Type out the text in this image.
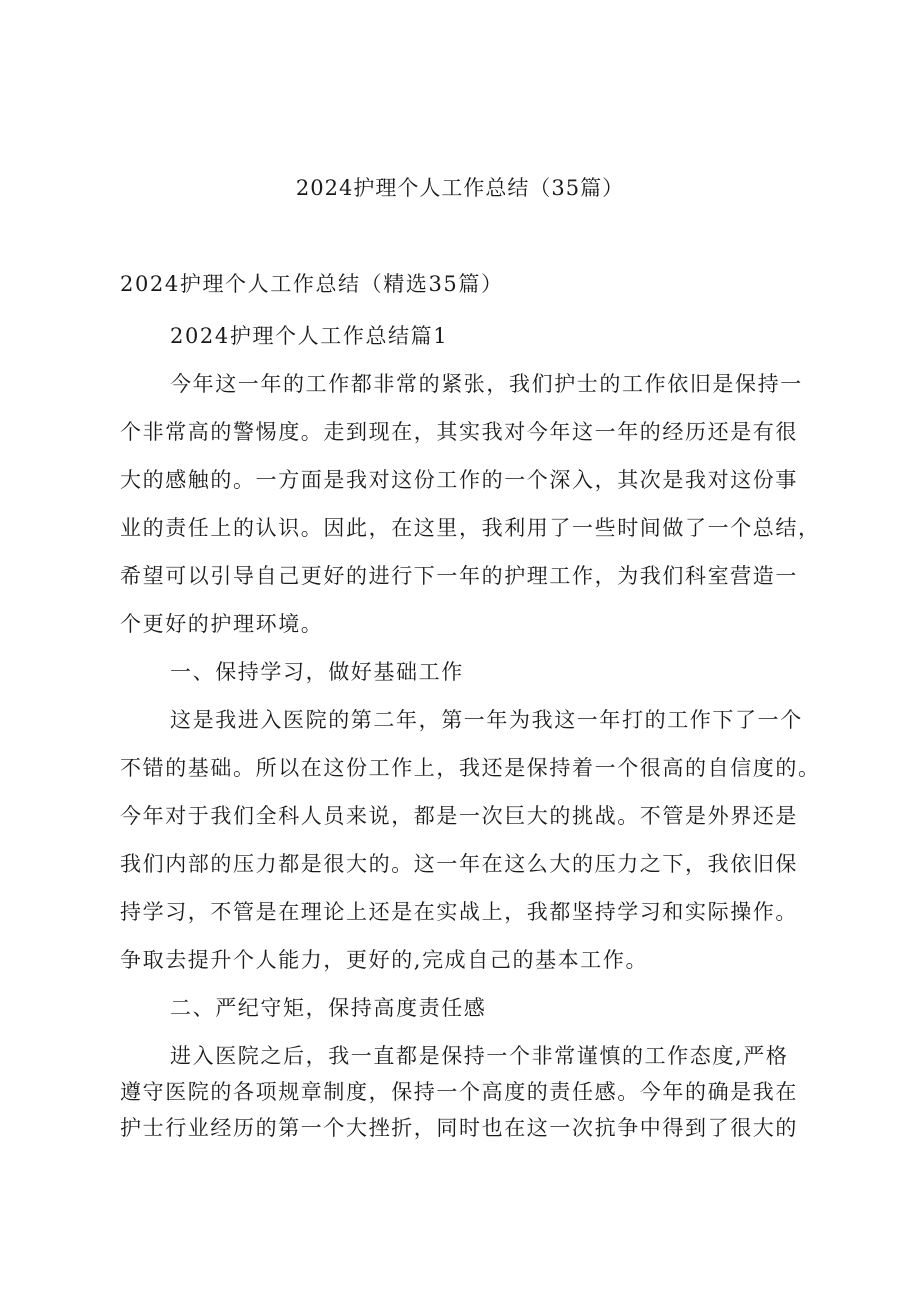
2024护理个人工作总结（35篇）
2024护理个人工作总结（精选35篇）
2024护理个人工作总结篇1
今年这一年的工作都非常的紧张，我们护士的工作依旧是保持一
个非常高的警惕度。走到现在，其实我对今年这一年的经历还是有很
大的感触的。一方面是我对这份工作的一个深入，其次是我对这份事
业的责任上的认识。因此，在这里，我利用了一些时间做了一个总结，
希望可以引导自己更好的进行下一年的护理工作，为我们科室营造一
个更好的护理环境。
一、保持学习，做好基础工作
这是我进入医院的第二年，第一年为我这一年打的工作下了一个
不错的基础。所以在这份工作上，我还是保持着一个很高的自信度的。
今年对于我们全科人员来说，都是一次巨大的挑战。不管是外界还是
我们内部的压力都是很大的。这一年在这么大的压力之下，我依旧保
持学习，不管是在理论上还是在实战上，我都坚持学习和实际操作。
争取去提升个人能力，更好的,完成自己的基本工作。
二、严纪守矩，保持高度责任感
进入医院之后，我一直都是保持一个非常谨慎的工作态度,严格
遵守医院的各项规章制度，保持一个高度的责任感。今年的确是我在
护士行业经历的第一个大挫折，同时也在这一次抗争中得到了很大的
